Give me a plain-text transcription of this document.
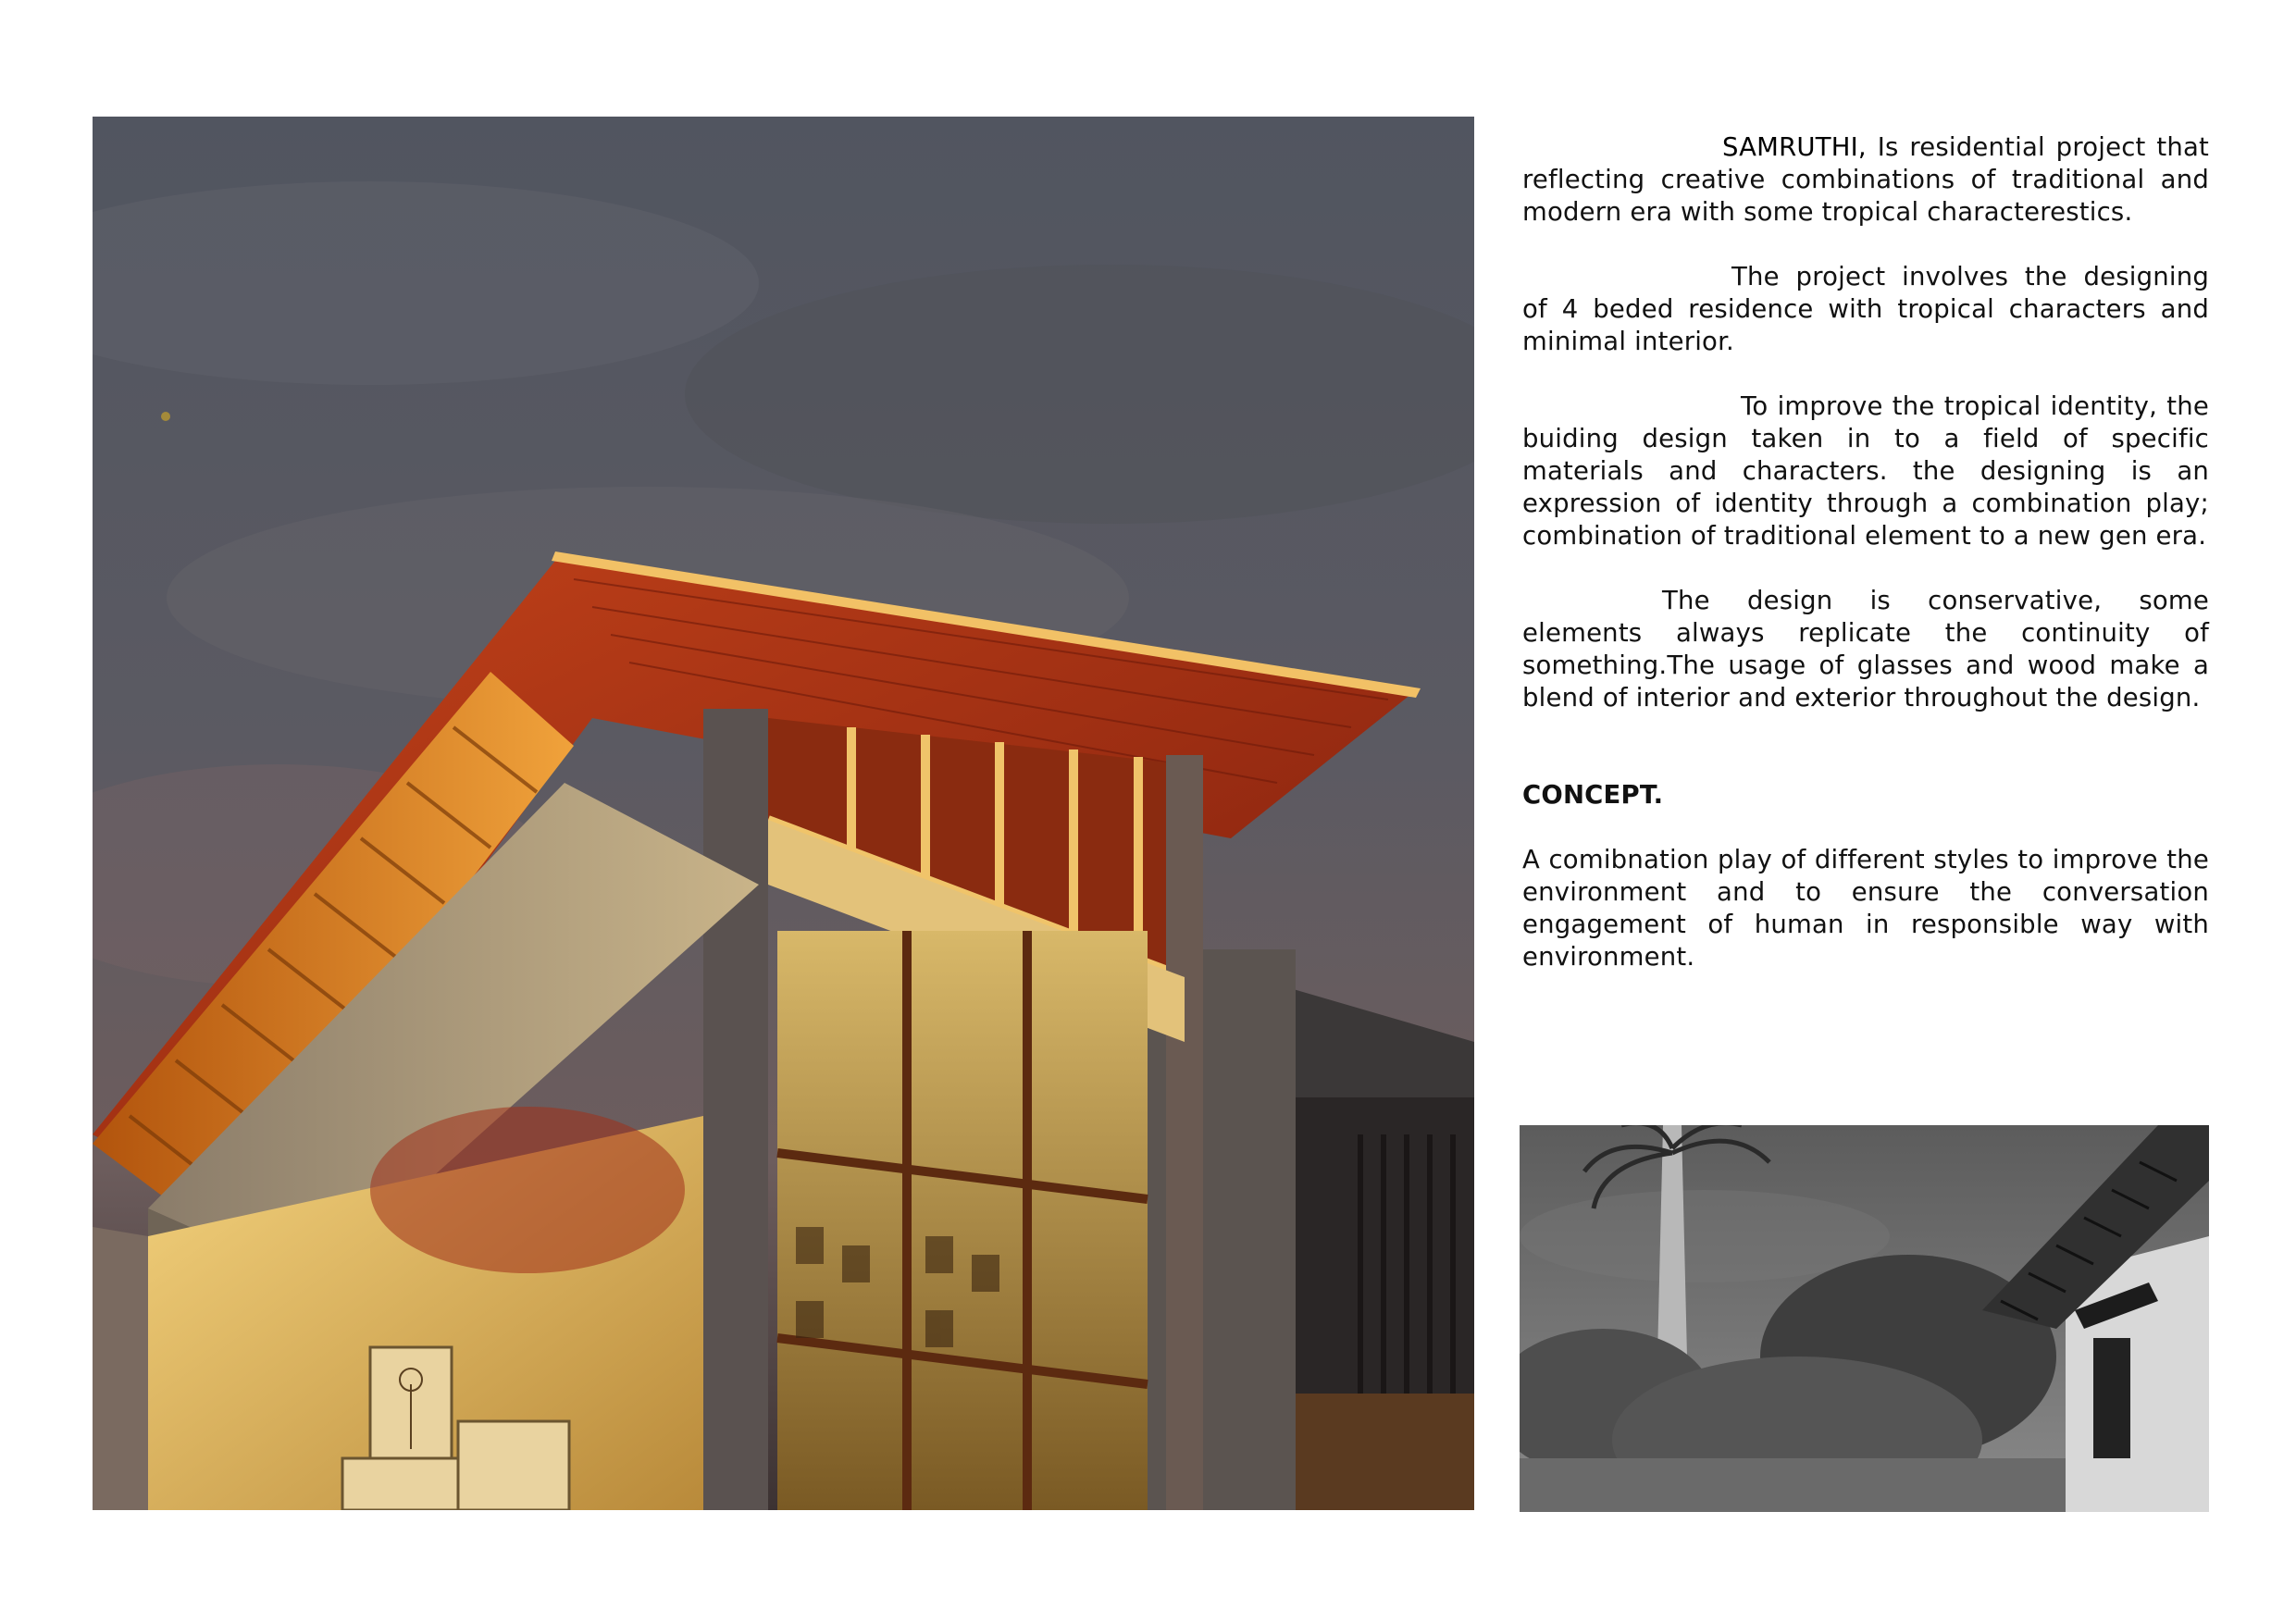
SAMRUTHI, Is residential project that reflecting creative combinations of traditional and modern era with some tropical characterestics.

The project involves the designing of 4 beded residence with tropical characters and minimal interior.

To improve the tropical identity, the buiding design taken in to a field of specific materials and characters. the designing is an expression of identity through a combination play; combination of traditional element to a new gen era.

The design is conservative, some elements always replicate the continuity of something.The usage of glasses and wood make a blend of interior and exterior throughout the design.

CONCEPT.

A comibnation play of different styles to improve the environment and to ensure the conversation engagement of human in responsible way with environment.
